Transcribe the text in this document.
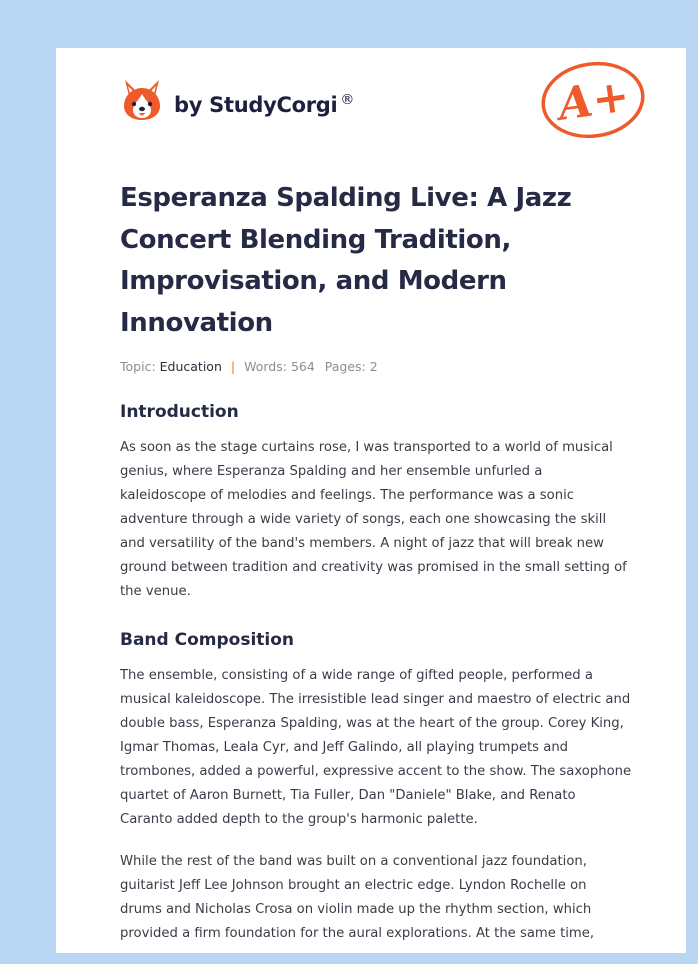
by StudyCorgi ®	A+
Esperanza Spalding Live: A Jazz Concert Blending Tradition, Improvisation, and Modern Innovation
Topic: Education | Words: 564 Pages: 2
Introduction

As soon as the stage curtains rose, I was transported to a world of musical genius, where Esperanza Spalding and her ensemble unfurled a kaleidoscope of melodies and feelings. The performance was a sonic adventure through a wide variety of songs, each one showcasing the skill and versatility of the band's members. A night of jazz that will break new ground between tradition and creativity was promised in the small setting of the venue.

Band Composition

The ensemble, consisting of a wide range of gifted people, performed a musical kaleidoscope. The irresistible lead singer and maestro of electric and double bass, Esperanza Spalding, was at the heart of the group. Corey King, Igmar Thomas, Leala Cyr, and Jeff Galindo, all playing trumpets and trombones, added a powerful, expressive accent to the show. The saxophone quartet of Aaron Burnett, Tia Fuller, Dan "Daniele" Blake, and Renato Caranto added depth to the group's harmonic palette.

While the rest of the band was built on a conventional jazz foundation, guitarist Jeff Lee Johnson brought an electric edge. Lyndon Rochelle on drums and Nicholas Crosa on violin made up the rhythm section, which provided a firm foundation for the aural explorations. At the same time,
